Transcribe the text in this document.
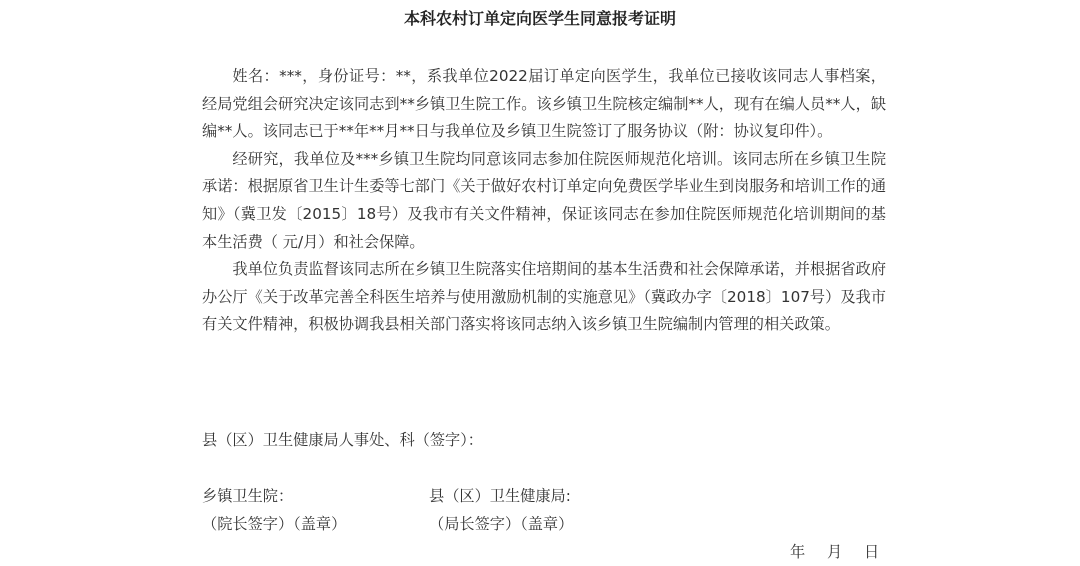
本科农村订单定向医学生同意报考证明

姓名：***，身份证号：**，系我单位2022届订单定向医学生，我单位已接收该同志人事档案，经局党组会研究决定该同志到**乡镇卫生院工作。该乡镇卫生院核定编制**人，现有在编人员**人，缺编**人。该同志已于**年**月**日与我单位及乡镇卫生院签订了服务协议（附：协议复印件）。

经研究，我单位及***乡镇卫生院均同意该同志参加住院医师规范化培训。该同志所在乡镇卫生院承诺：根据原省卫生计生委等七部门《关于做好农村订单定向免费医学毕业生到岗服务和培训工作的通知》（冀卫发〔2015〕18号）及我市有关文件精神，保证该同志在参加住院医师规范化培训期间的基本生活费（ 元/月）和社会保障。

我单位负责监督该同志所在乡镇卫生院落实住培期间的基本生活费和社会保障承诺，并根据省政府办公厅《关于改革完善全科医生培养与使用激励机制的实施意见》（冀政办字〔2018〕107号）及我市有关文件精神，积极协调我县相关部门落实将该同志纳入该乡镇卫生院编制内管理的相关政策。

县（区）卫生健康局人事处、科（签字）：
乡镇卫生院：
（院长签字）（盖章）
县（区）卫生健康局:
（局长签字）（盖章）
年 月 日
